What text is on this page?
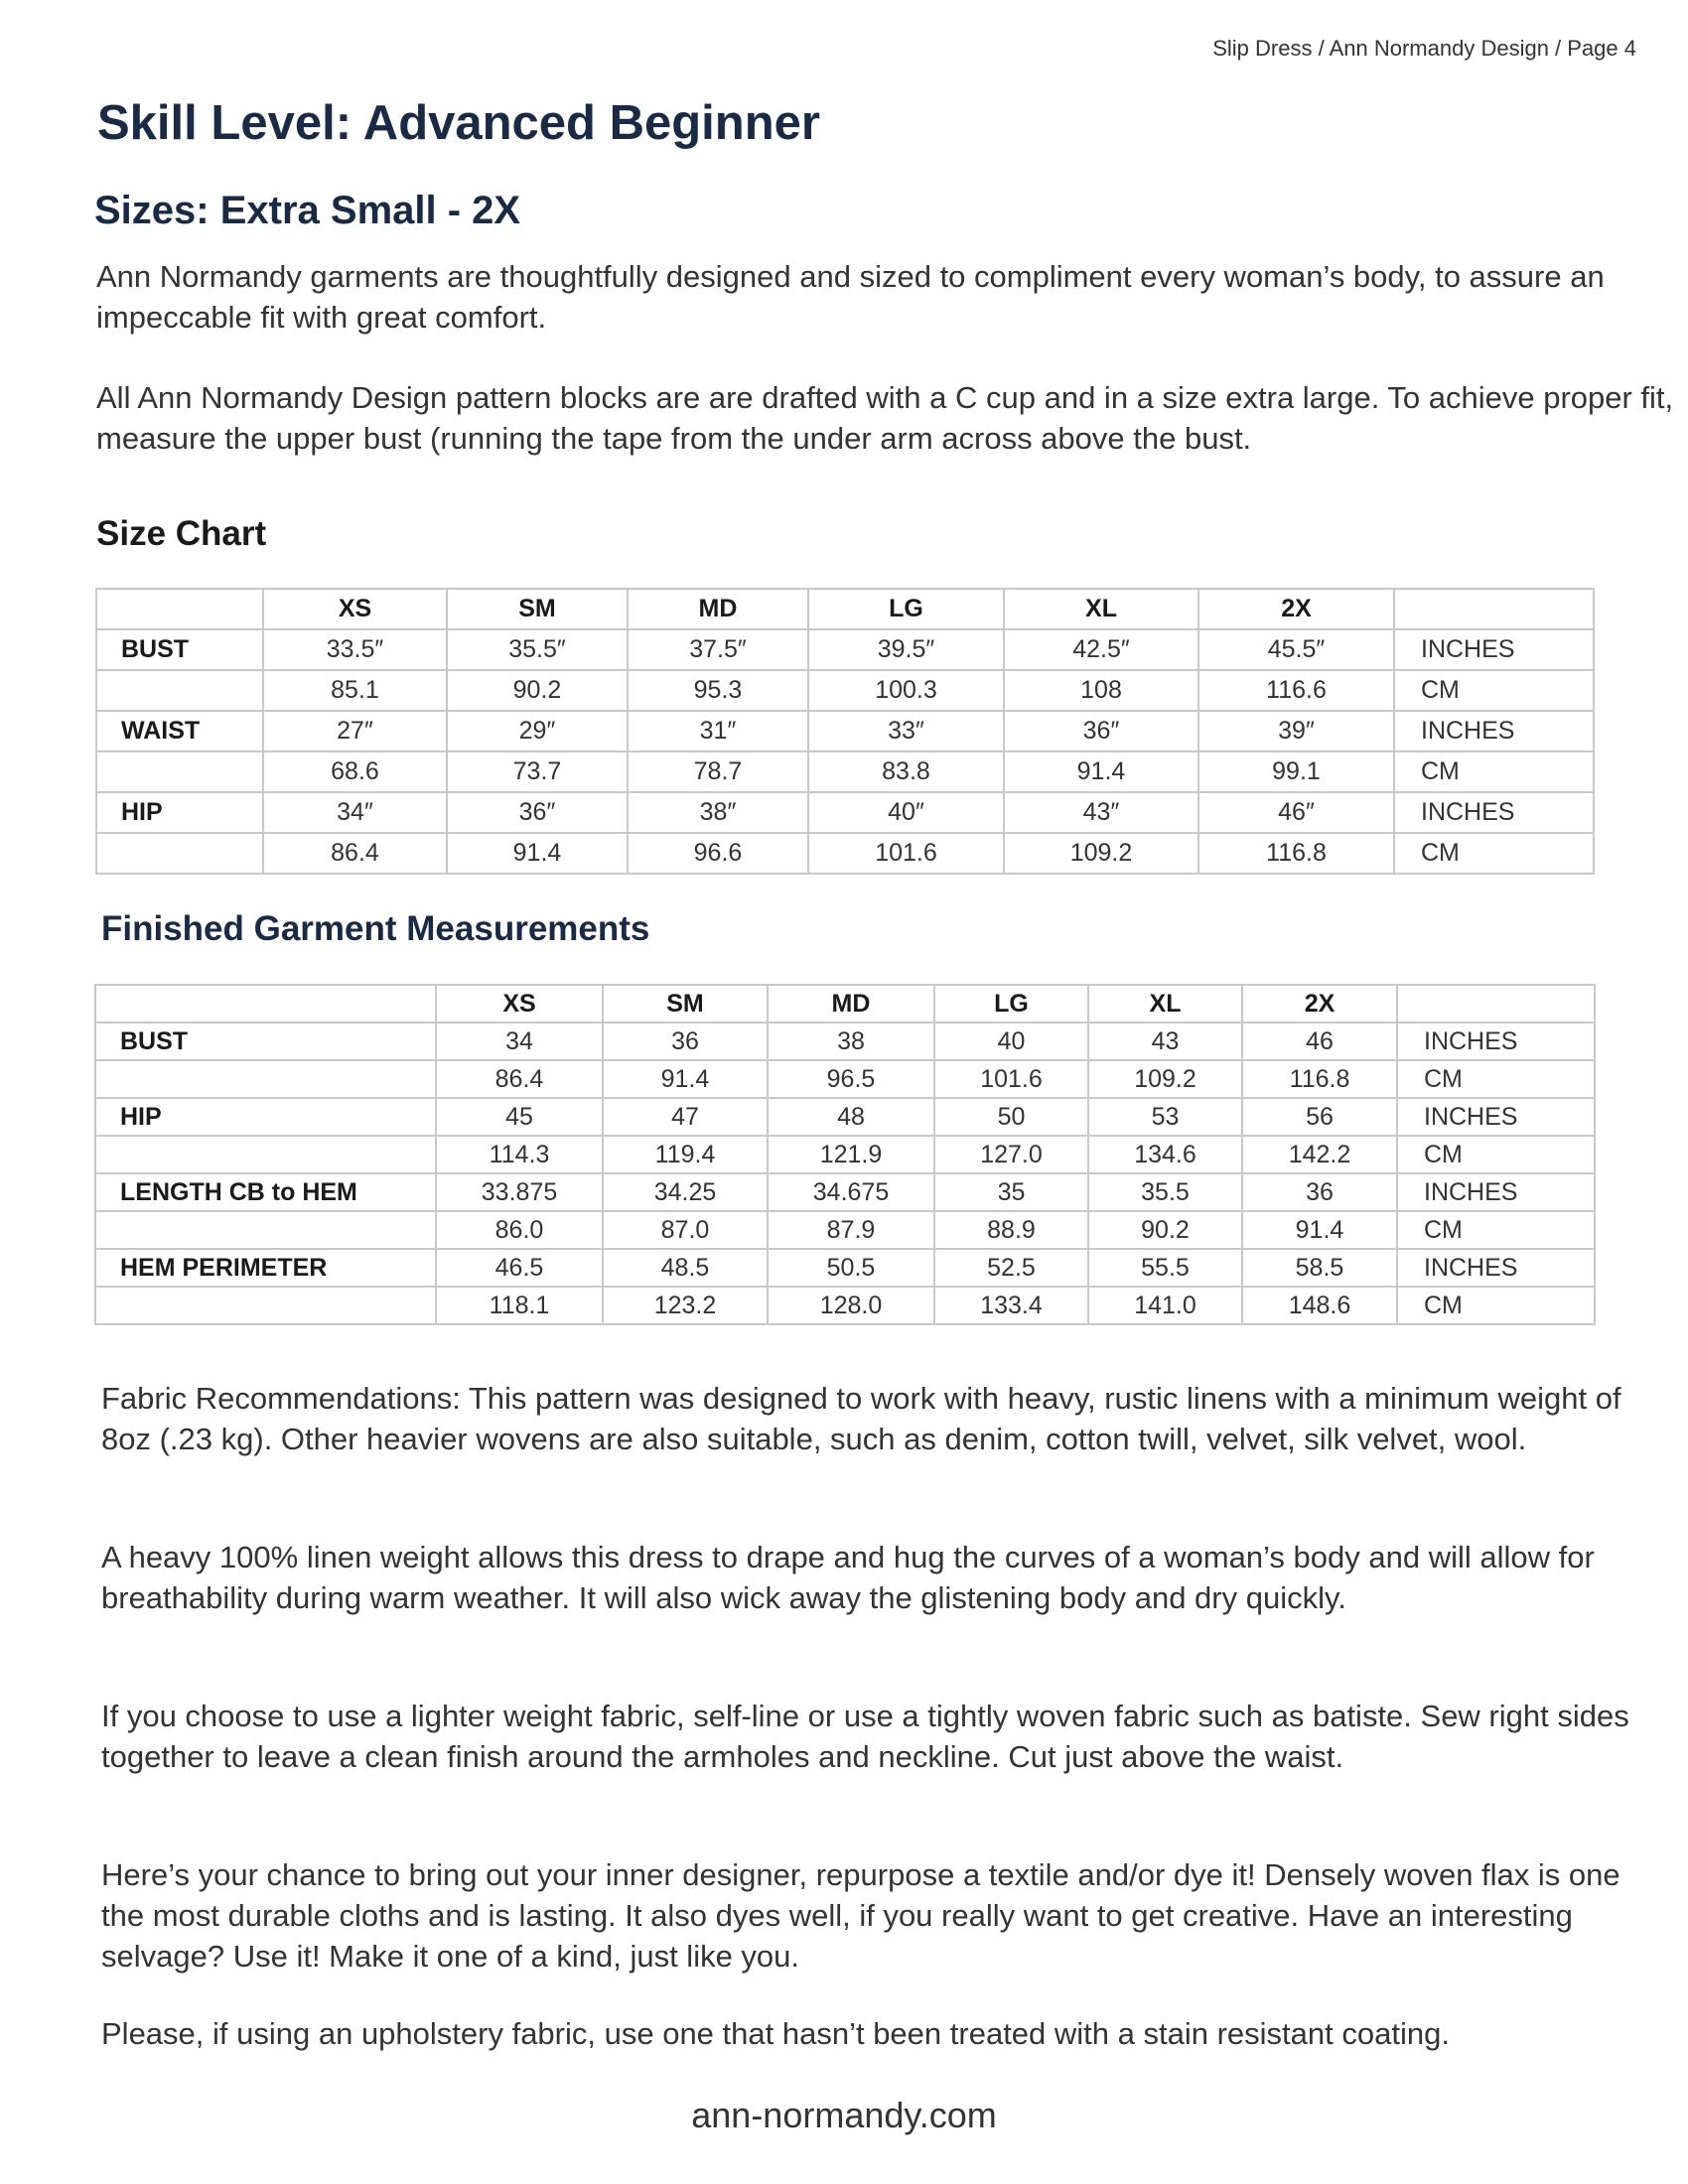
Slip Dress / Ann Normandy Design / Page 4
Skill Level: Advanced Beginner
Sizes: Extra Small - 2X

Ann Normandy garments are thoughtfully designed and sized to compliment every woman’s body, to assure an impeccable fit with great comfort.

All Ann Normandy Design pattern blocks are are drafted with a C cup and in a size extra large. To achieve proper fit, measure the upper bust (running the tape from the under arm across above the bust.

Size Chart
	XS	SM	MD	LG	XL	2X	
BUST	33.5″	35.5″	37.5″	39.5″	42.5″	45.5″	INCHES
	85.1	90.2	95.3	100.3	108	116.6	CM
WAIST	27″	29″	31″	33″	36″	39″	INCHES
	68.6	73.7	78.7	83.8	91.4	99.1	CM
HIP	34″	36″	38″	40″	43″	46″	INCHES
	86.4	91.4	96.6	101.6	109.2	116.8	CM
Finished Garment Measurements
	XS	SM	MD	LG	XL	2X	
BUST	34	36	38	40	43	46	INCHES
	86.4	91.4	96.5	101.6	109.2	116.8	CM
HIP	45	47	48	50	53	56	INCHES
	114.3	119.4	121.9	127.0	134.6	142.2	CM
LENGTH CB to HEM	33.875	34.25	34.675	35	35.5	36	INCHES
	86.0	87.0	87.9	88.9	90.2	91.4	CM
HEM PERIMETER	46.5	48.5	50.5	52.5	55.5	58.5	INCHES
	118.1	123.2	128.0	133.4	141.0	148.6	CM

Fabric Recommendations: This pattern was designed to work with heavy, rustic linens with a minimum weight of 8oz (.23 kg). Other heavier wovens are also suitable, such as denim, cotton twill, velvet, silk velvet, wool.

A heavy 100% linen weight allows this dress to drape and hug the curves of a woman’s body and will allow for breathability during warm weather. It will also wick away the glistening body and dry quickly.

If you choose to use a lighter weight fabric, self-line or use a tightly woven fabric such as batiste. Sew right sides together to leave a clean finish around the armholes and neckline. Cut just above the waist.

Here’s your chance to bring out your inner designer, repurpose a textile and/or dye it! Densely woven flax is one the most durable cloths and is lasting. It also dyes well, if you really want to get creative. Have an interesting selvage? Use it! Make it one of a kind, just like you.

Please, if using an upholstery fabric, use one that hasn’t been treated with a stain resistant coating.

ann-normandy.com
